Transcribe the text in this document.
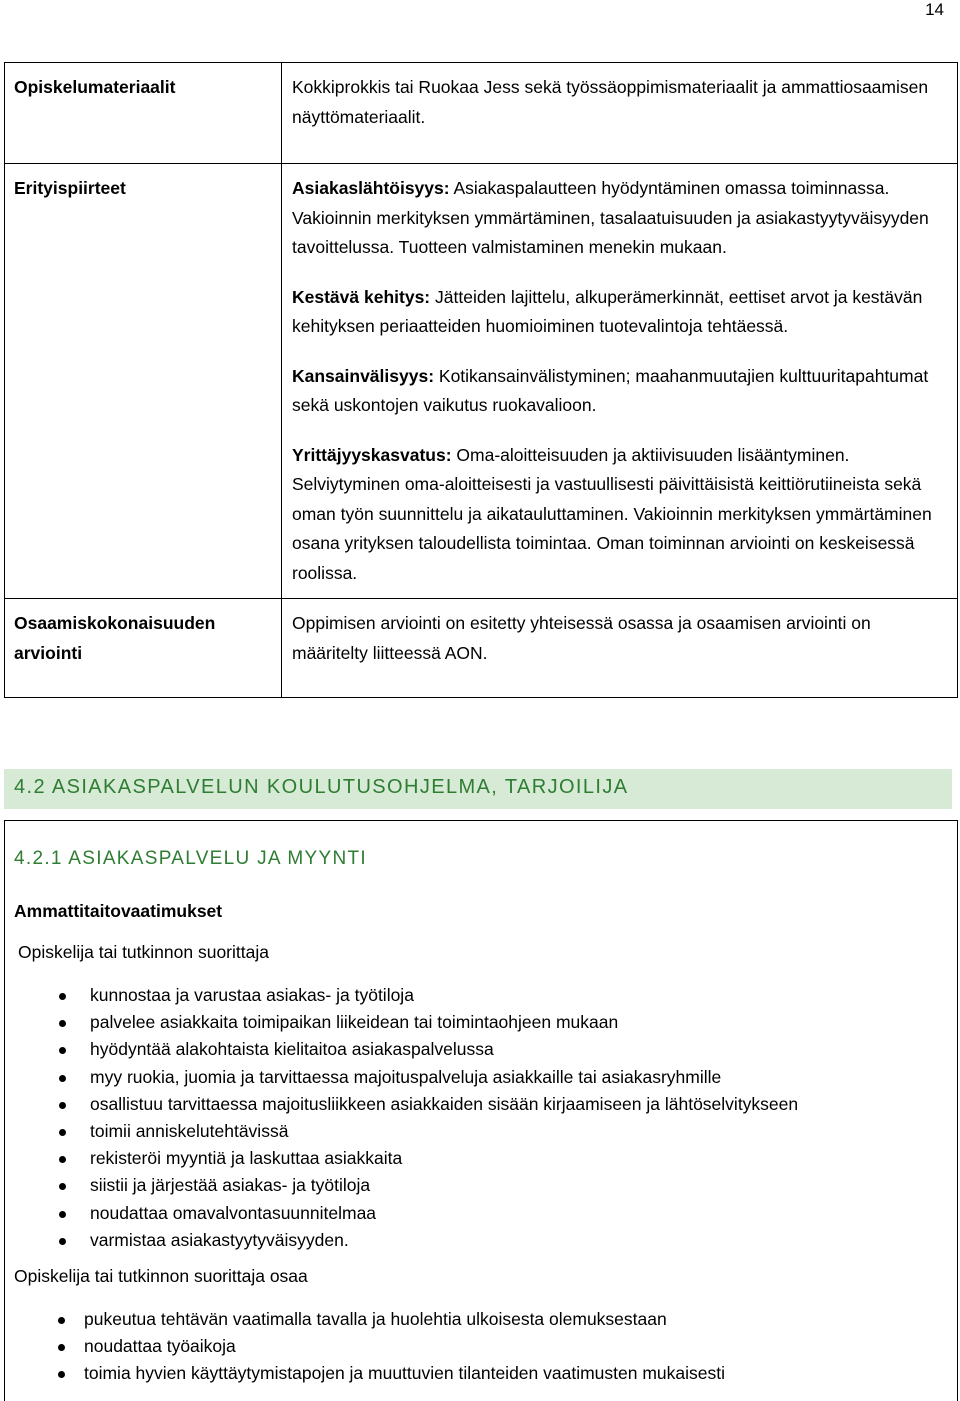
14
Opiskelumateriaalit	Kokkiprokkis tai Ruokaa Jess sekä työssäoppimismateriaalit ja ammattiosaamisen näyttömateriaalit.

Erityispiirteet	Asiakaslähtöisyys: Asiakaspalautteen hyödyntäminen omassa toiminnassa. Vakioinnin merkityksen ymmärtäminen, tasalaatuisuuden ja asiakastyytyväisyyden tavoittelussa. Tuotteen valmistaminen menekin mukaan.

Kestävä kehitys: Jätteiden lajittelu, alkuperämerkinnät, eettiset arvot ja kestävän kehityksen periaatteiden huomioiminen tuotevalintoja tehtäessä.

Kansainvälisyys: Kotikansainvälistyminen; maahanmuutajien kulttuuritapahtumat sekä uskontojen vaikutus ruokavalioon.

Yrittäjyyskasvatus: Oma-aloitteisuuden ja aktiivisuuden lisääntyminen. Selviytyminen oma-aloitteisesti ja vastuullisesti päivittäisistä keittiörutiineista sekä oman työn suunnittelu ja aikatauluttaminen. Vakioinnin merkityksen ymmärtäminen osana yrityksen taloudellista toimintaa. Oman toiminnan arviointi on keskeisessä roolissa.

Osaamiskokonaisuuden arviointi	Oppimisen arviointi on esitetty yhteisessä osassa ja osaamisen arviointi on määritelty liitteessä AON.

4.2 ASIAKASPALVELUN KOULUTUSOHJELMA, TARJOILIJA
4.2.1 ASIAKASPALVELU JA MYYNTI
Ammattitaitovaatimukset
Opiskelija tai tutkinnon suorittaja
kunnostaa ja varustaa asiakas- ja työtiloja
palvelee asiakkaita toimipaikan liikeidean tai toimintaohjeen mukaan
hyödyntää alakohtaista kielitaitoa asiakaspalvelussa
myy ruokia, juomia ja tarvittaessa majoituspalveluja asiakkaille tai asiakasryhmille
osallistuu tarvittaessa majoitusliikkeen asiakkaiden sisään kirjaamiseen ja lähtöselvitykseen
toimii anniskelutehtävissä
rekisteröi myyntiä ja laskuttaa asiakkaita
siistii ja järjestää asiakas- ja työtiloja
noudattaa omavalvontasuunnitelmaa
varmistaa asiakastyytyväisyyden.
Opiskelija tai tutkinnon suorittaja osaa
pukeutua tehtävän vaatimalla tavalla ja huolehtia ulkoisesta olemuksestaan
noudattaa työaikoja
toimia hyvien käyttäytymistapojen ja muuttuvien tilanteiden vaatimusten mukaisesti
